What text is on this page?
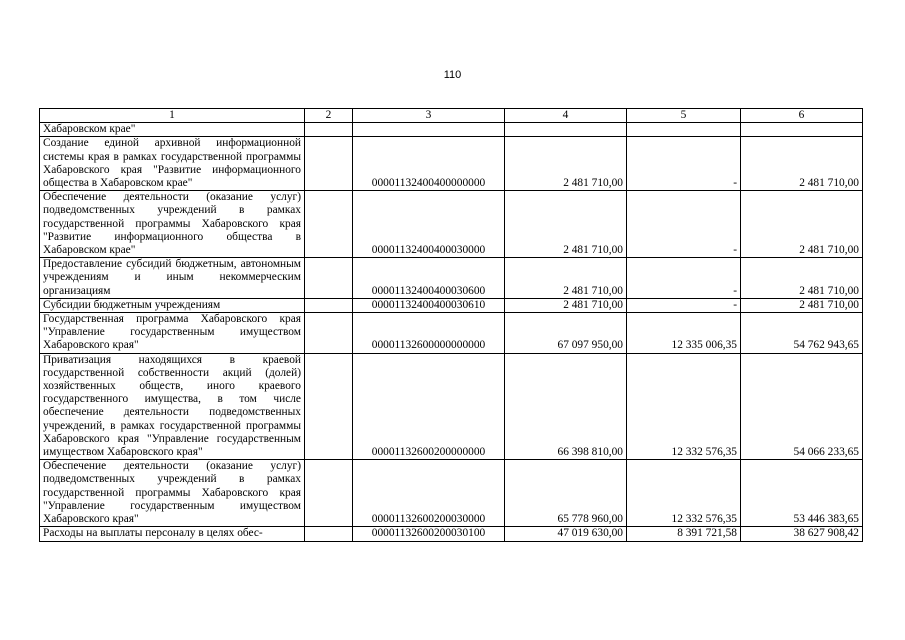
110
1	2	3	4	5	6
Хабаровском крае"					
Создание единой архивной информационной системы края в рамках государственной программы Хабаровского края "Развитие информационного общества в Хабаровском крае"		00001132400400000000	2 481 710,00	-	2 481 710,00
Обеспечение деятельности (оказание услуг) подведомственных учреждений в рамках государственной программы Хабаровского края "Развитие информационного общества в Хабаровском крае"		00001132400400030000	2 481 710,00	-	2 481 710,00
Предоставление субсидий бюджетным, автономным учреждениям и иным некоммерческим организациям		00001132400400030600	2 481 710,00	-	2 481 710,00
Субсидии бюджетным учреждениям		00001132400400030610	2 481 710,00	-	2 481 710,00
Государственная программа Хабаровского края "Управление государственным имуществом Хабаровского края"		00001132600000000000	67 097 950,00	12 335 006,35	54 762 943,65
Приватизация находящихся в краевой государственной собственности акций (долей) хозяйственных обществ, иного краевого государственного имущества, в том числе обеспечение деятельности подведомственных учреждений, в рамках государственной программы Хабаровского края "Управление государственным имуществом Хабаровского края"		00001132600200000000	66 398 810,00	12 332 576,35	54 066 233,65
Обеспечение деятельности (оказание услуг) подведомственных учреждений в рамках государственной программы Хабаровского края "Управление государственным имуществом Хабаровского края"		00001132600200030000	65 778 960,00	12 332 576,35	53 446 383,65
Расходы на выплаты персоналу в целях обес-		00001132600200030100	47 019 630,00	8 391 721,58	38 627 908,42
